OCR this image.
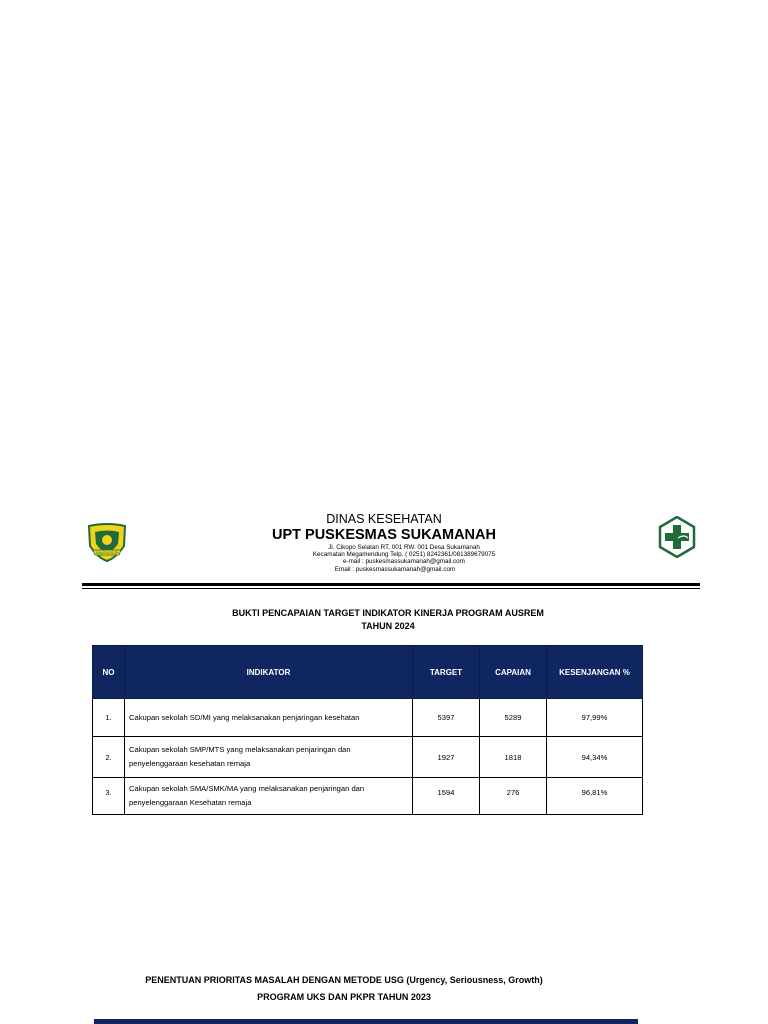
DINAS BOGOR
DINAS KESEHATAN
UPT PUSKESMAS SUKAMANAH
Jl. Cikopo Selatan RT. 001 RW. 001 Desa Sukamanah
Kecamatan Megamendung Telp. ( 0251) 8242361/081389679075
e-mail : puskesmassukamanah@gmail.com
Email : puskesmassukamanah@gmail.com
BUKTI PENCAPAIAN TARGET INDIKATOR KINERJA PROGRAM AUSREM
TAHUN 2024
NO	INDIKATOR	TARGET	CAPAIAN	KESENJANGAN %
1.	Cakupan sekolah SD/MI yang melaksanakan penjaringan kesehatan	5397	5289	97,99%
2.	Cakupan sekolah SMP/MTS yang melaksanakan penjaringan dan penyelenggaraan kesehatan remaja	1927	1818	94,34%
3.	Cakupan sekolah SMA/SMK/MA yang melaksanakan penjaringan dan penyelenggaraan Kesehatan remaja	1594	276	96,81%
PENENTUAN PRIORITAS MASALAH DENGAN METODE USG (Urgency, Seriousness, Growth)
PROGRAM UKS DAN PKPR TAHUN 2023
